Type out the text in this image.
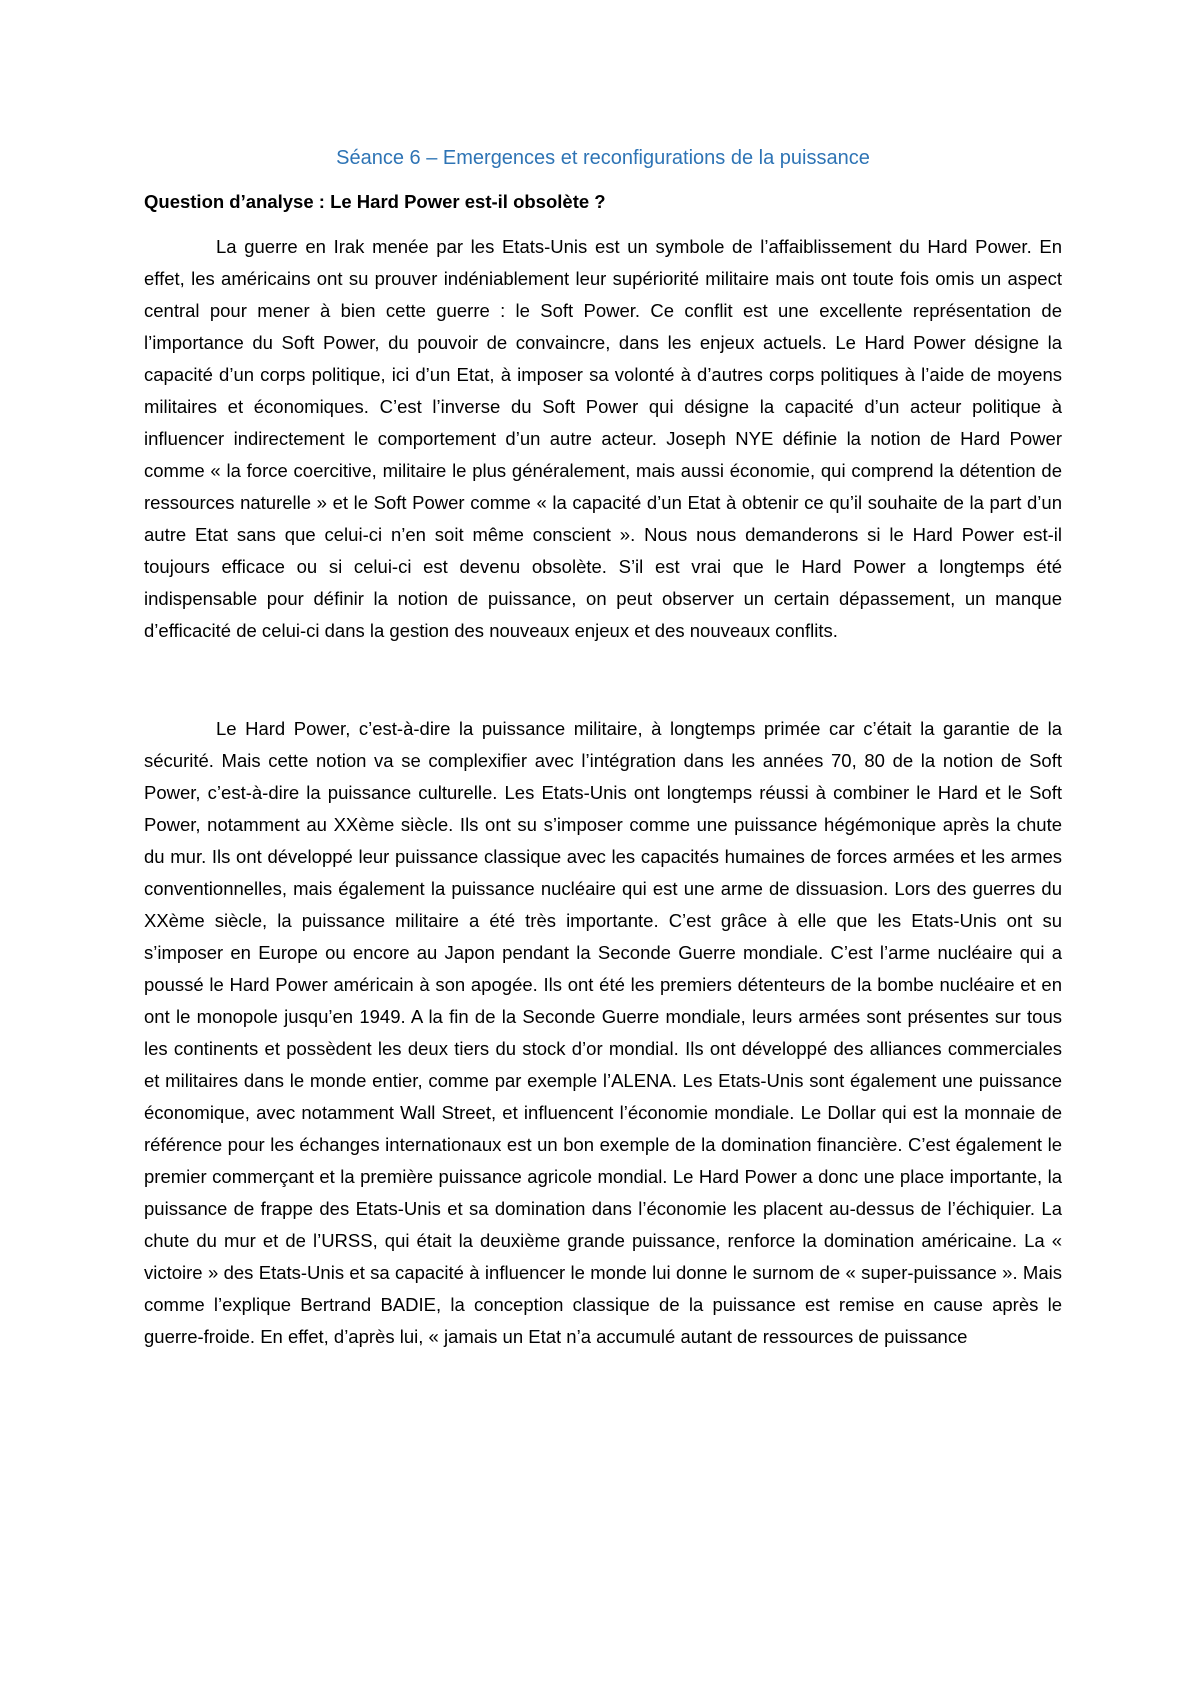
Séance 6 – Emergences et reconfigurations de la puissance
Question d’analyse : Le Hard Power est-il obsolète ?

La guerre en Irak menée par les Etats-Unis est un symbole de l’affaiblissement du Hard Power. En effet, les américains ont su prouver indéniablement leur supériorité militaire mais ont toute fois omis un aspect central pour mener à bien cette guerre : le Soft Power. Ce conflit est une excellente représentation de l’importance du Soft Power, du pouvoir de convaincre, dans les enjeux actuels. Le Hard Power désigne la capacité d’un corps politique, ici d’un Etat, à imposer sa volonté à d’autres corps politiques à l’aide de moyens militaires et économiques. C’est l’inverse du Soft Power qui désigne la capacité d’un acteur politique à influencer indirectement le comportement d’un autre acteur. Joseph NYE définie la notion de Hard Power comme « la force coercitive, militaire le plus généralement, mais aussi économie, qui comprend la détention de ressources naturelle » et le Soft Power comme « la capacité d’un Etat à obtenir ce qu’il souhaite de la part d’un autre Etat sans que celui-ci n’en soit même conscient ». Nous nous demanderons si le Hard Power est-il toujours efficace ou si celui-ci est devenu obsolète. S’il est vrai que le Hard Power a longtemps été indispensable pour définir la notion de puissance, on peut observer un certain dépassement, un manque d’efficacité de celui-ci dans la gestion des nouveaux enjeux et des nouveaux conflits.

Le Hard Power, c’est-à-dire la puissance militaire, à longtemps primée car c’était la garantie de la sécurité. Mais cette notion va se complexifier avec l’intégration dans les années 70, 80 de la notion de Soft Power, c’est-à-dire la puissance culturelle. Les Etats-Unis ont longtemps réussi à combiner le Hard et le Soft Power, notamment au XXème siècle. Ils ont su s’imposer comme une puissance hégémonique après la chute du mur. Ils ont développé leur puissance classique avec les capacités humaines de forces armées et les armes conventionnelles, mais également la puissance nucléaire qui est une arme de dissuasion. Lors des guerres du XXème siècle, la puissance militaire a été très importante. C’est grâce à elle que les Etats-Unis ont su s’imposer en Europe ou encore au Japon pendant la Seconde Guerre mondiale. C’est l’arme nucléaire qui a poussé le Hard Power américain à son apogée. Ils ont été les premiers détenteurs de la bombe nucléaire et en ont le monopole jusqu’en 1949. A la fin de la Seconde Guerre mondiale, leurs armées sont présentes sur tous les continents et possèdent les deux tiers du stock d’or mondial. Ils ont développé des alliances commerciales et militaires dans le monde entier, comme par exemple l’ALENA. Les Etats-Unis sont également une puissance économique, avec notamment Wall Street, et influencent l’économie mondiale. Le Dollar qui est la monnaie de référence pour les échanges internationaux est un bon exemple de la domination financière. C’est également le premier commerçant et la première puissance agricole mondial. Le Hard Power a donc une place importante, la puissance de frappe des Etats-Unis et sa domination dans l’économie les placent au-dessus de l’échiquier. La chute du mur et de l’URSS, qui était la deuxième grande puissance, renforce la domination américaine. La « victoire » des Etats-Unis et sa capacité à influencer le monde lui donne le surnom de « super-puissance ». Mais comme l’explique Bertrand BADIE, la conception classique de la puissance est remise en cause après le guerre-froide. En effet, d’après lui, « jamais un Etat n’a accumulé autant de ressources de puissance
